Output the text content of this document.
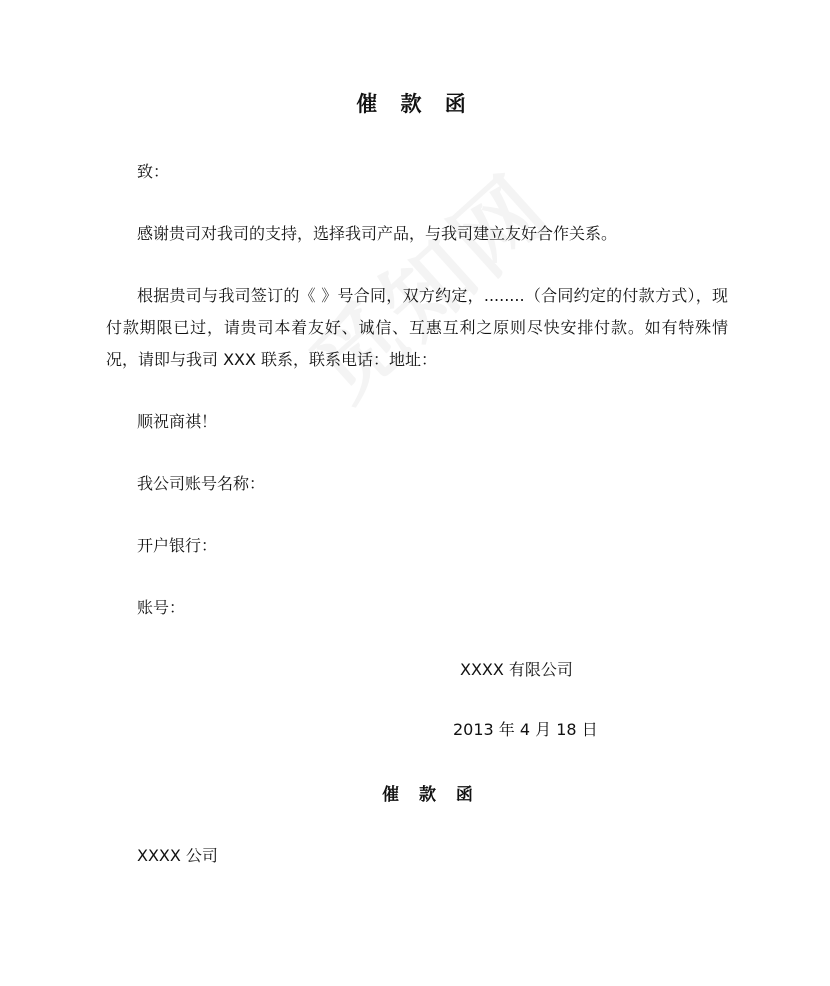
催 款 函

致：

感谢贵司对我司的支持，选择我司产品，与我司建立友好合作关系。

根据贵司与我司签订的《 》号合同，双方约定，........（合同约定的付款方式），现付款期限已过，请贵司本着友好、诚信、互惠互利之原则尽快安排付款。如有特殊情况，请即与我司 XXX 联系，联系电话：地址：

顺祝商祺！

我公司账号名称：

开户银行：

账号：

XXXX 有限公司

2013 年 4 月 18 日

催 款 函

XXXX 公司
